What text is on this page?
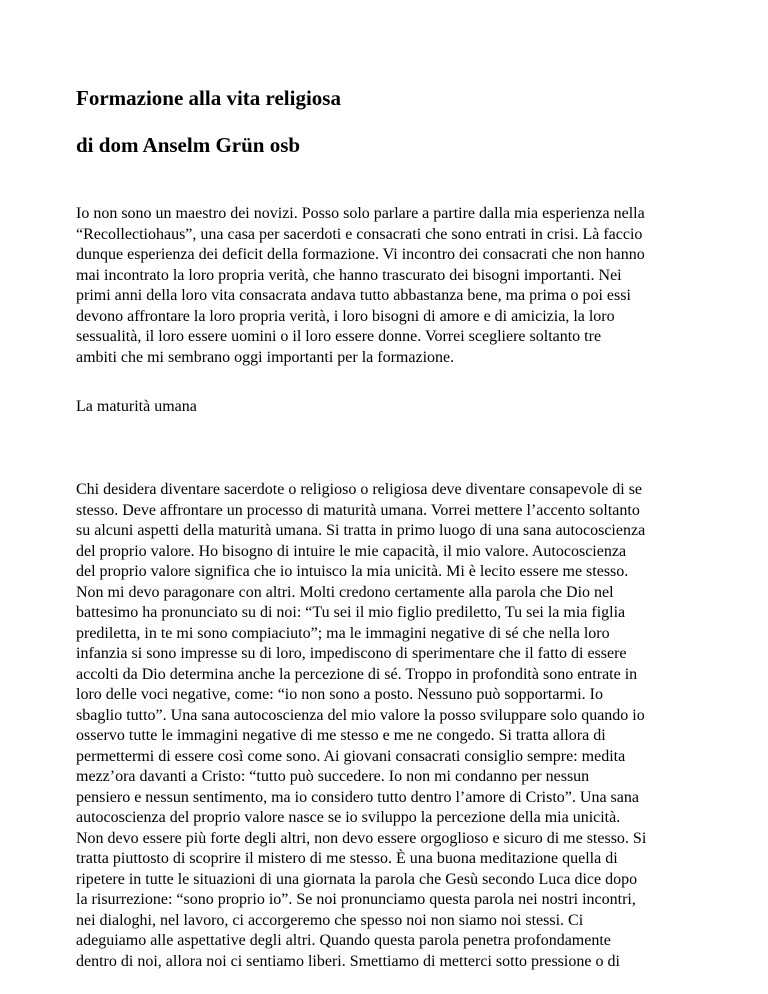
Formazione alla vita religiosa
di dom Anselm Grün osb

Io non sono un maestro dei novizi. Posso solo parlare a partire dalla mia esperienza nella
“Recollectiohaus”, una casa per sacerdoti e consacrati che sono entrati in crisi. Là faccio
dunque esperienza dei deficit della formazione. Vi incontro dei consacrati che non hanno
mai incontrato la loro propria verità, che hanno trascurato dei bisogni importanti. Nei
primi anni della loro vita consacrata andava tutto abbastanza bene, ma prima o poi essi
devono affrontare la loro propria verità, i loro bisogni di amore e di amicizia, la loro
sessualità, il loro essere uomini o il loro essere donne. Vorrei scegliere soltanto tre
ambiti che mi sembrano oggi importanti per la formazione.

La maturità umana

Chi desidera diventare sacerdote o religioso o religiosa deve diventare consapevole di se
stesso. Deve affrontare un processo di maturità umana. Vorrei mettere l’accento soltanto
su alcuni aspetti della maturità umana. Si tratta in primo luogo di una sana autocoscienza
del proprio valore. Ho bisogno di intuire le mie capacità, il mio valore. Autocoscienza
del proprio valore significa che io intuisco la mia unicità. Mi è lecito essere me stesso.
Non mi devo paragonare con altri. Molti credono certamente alla parola che Dio nel
battesimo ha pronunciato su di noi: “Tu sei il mio figlio prediletto, Tu sei la mia figlia
prediletta, in te mi sono compiaciuto”; ma le immagini negative di sé che nella loro
infanzia si sono impresse su di loro, impediscono di sperimentare che il fatto di essere
accolti da Dio determina anche la percezione di sé. Troppo in profondità sono entrate in
loro delle voci negative, come: “io non sono a posto. Nessuno può sopportarmi. Io
sbaglio tutto”. Una sana autocoscienza del mio valore la posso sviluppare solo quando io
osservo tutte le immagini negative di me stesso e me ne congedo. Si tratta allora di
permettermi di essere così come sono. Ai giovani consacrati consiglio sempre: medita
mezz’ora davanti a Cristo: “tutto può succedere. Io non mi condanno per nessun
pensiero e nessun sentimento, ma io considero tutto dentro l’amore di Cristo”. Una sana
autocoscienza del proprio valore nasce se io sviluppo la percezione della mia unicità.
Non devo essere più forte degli altri, non devo essere orgoglioso e sicuro di me stesso. Si
tratta piuttosto di scoprire il mistero di me stesso. È una buona meditazione quella di
ripetere in tutte le situazioni di una giornata la parola che Gesù secondo Luca dice dopo
la risurrezione: “sono proprio io”. Se noi pronunciamo questa parola nei nostri incontri,
nei dialoghi, nel lavoro, ci accorgeremo che spesso noi non siamo noi stessi. Ci
adeguiamo alle aspettative degli altri. Quando questa parola penetra profondamente
dentro di noi, allora noi ci sentiamo liberi. Smettiamo di metterci sotto pressione o di
